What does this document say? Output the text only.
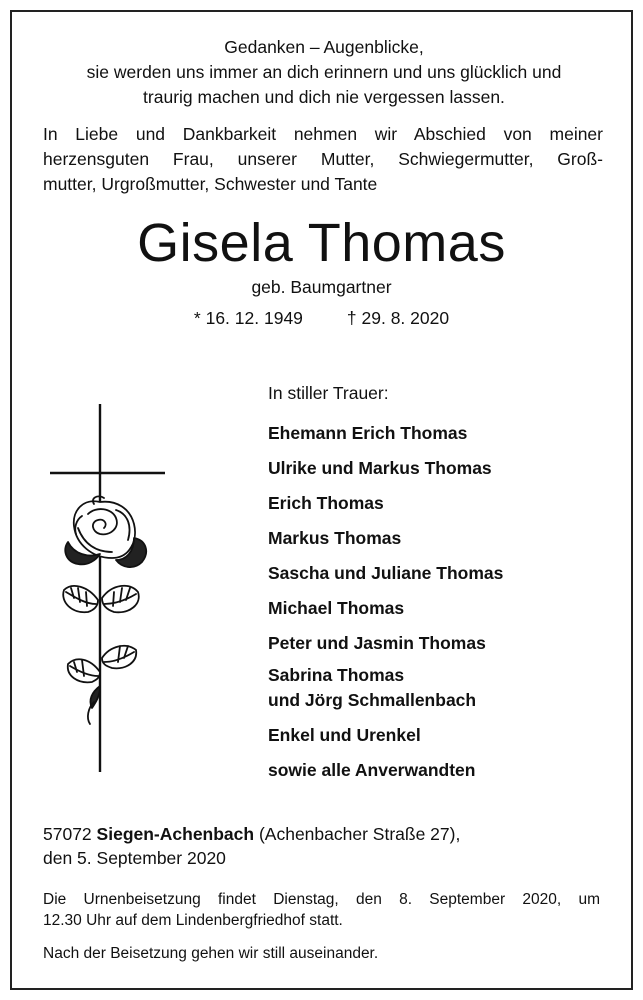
Gedanken – Augenblicke,
sie werden uns immer an dich erinnern und uns glücklich und
traurig machen und dich nie vergessen lassen.
In Liebe und Dankbarkeit nehmen wir Abschied von meiner
herzensguten Frau, unserer Mutter, Schwiegermutter, Groß-
mutter, Urgroßmutter, Schwester und Tante
Gisela Thomas
geb. Baumgartner
* 16. 12. 1949	† 29. 8. 2020
In stiller Trauer:
Ehemann Erich Thomas
Ulrike und Markus Thomas
Erich Thomas
Markus Thomas
Sascha und Juliane Thomas
Michael Thomas
Peter und Jasmin Thomas
Sabrina Thomas
und Jörg Schmallenbach
Enkel und Urenkel
sowie alle Anverwandten
57072 Siegen-Achenbach (Achenbacher Straße 27),
den 5. September 2020
Die Urnenbeisetzung findet Dienstag, den 8. September 2020, um
12.30 Uhr auf dem Lindenbergfriedhof statt.
Nach der Beisetzung gehen wir still auseinander.
